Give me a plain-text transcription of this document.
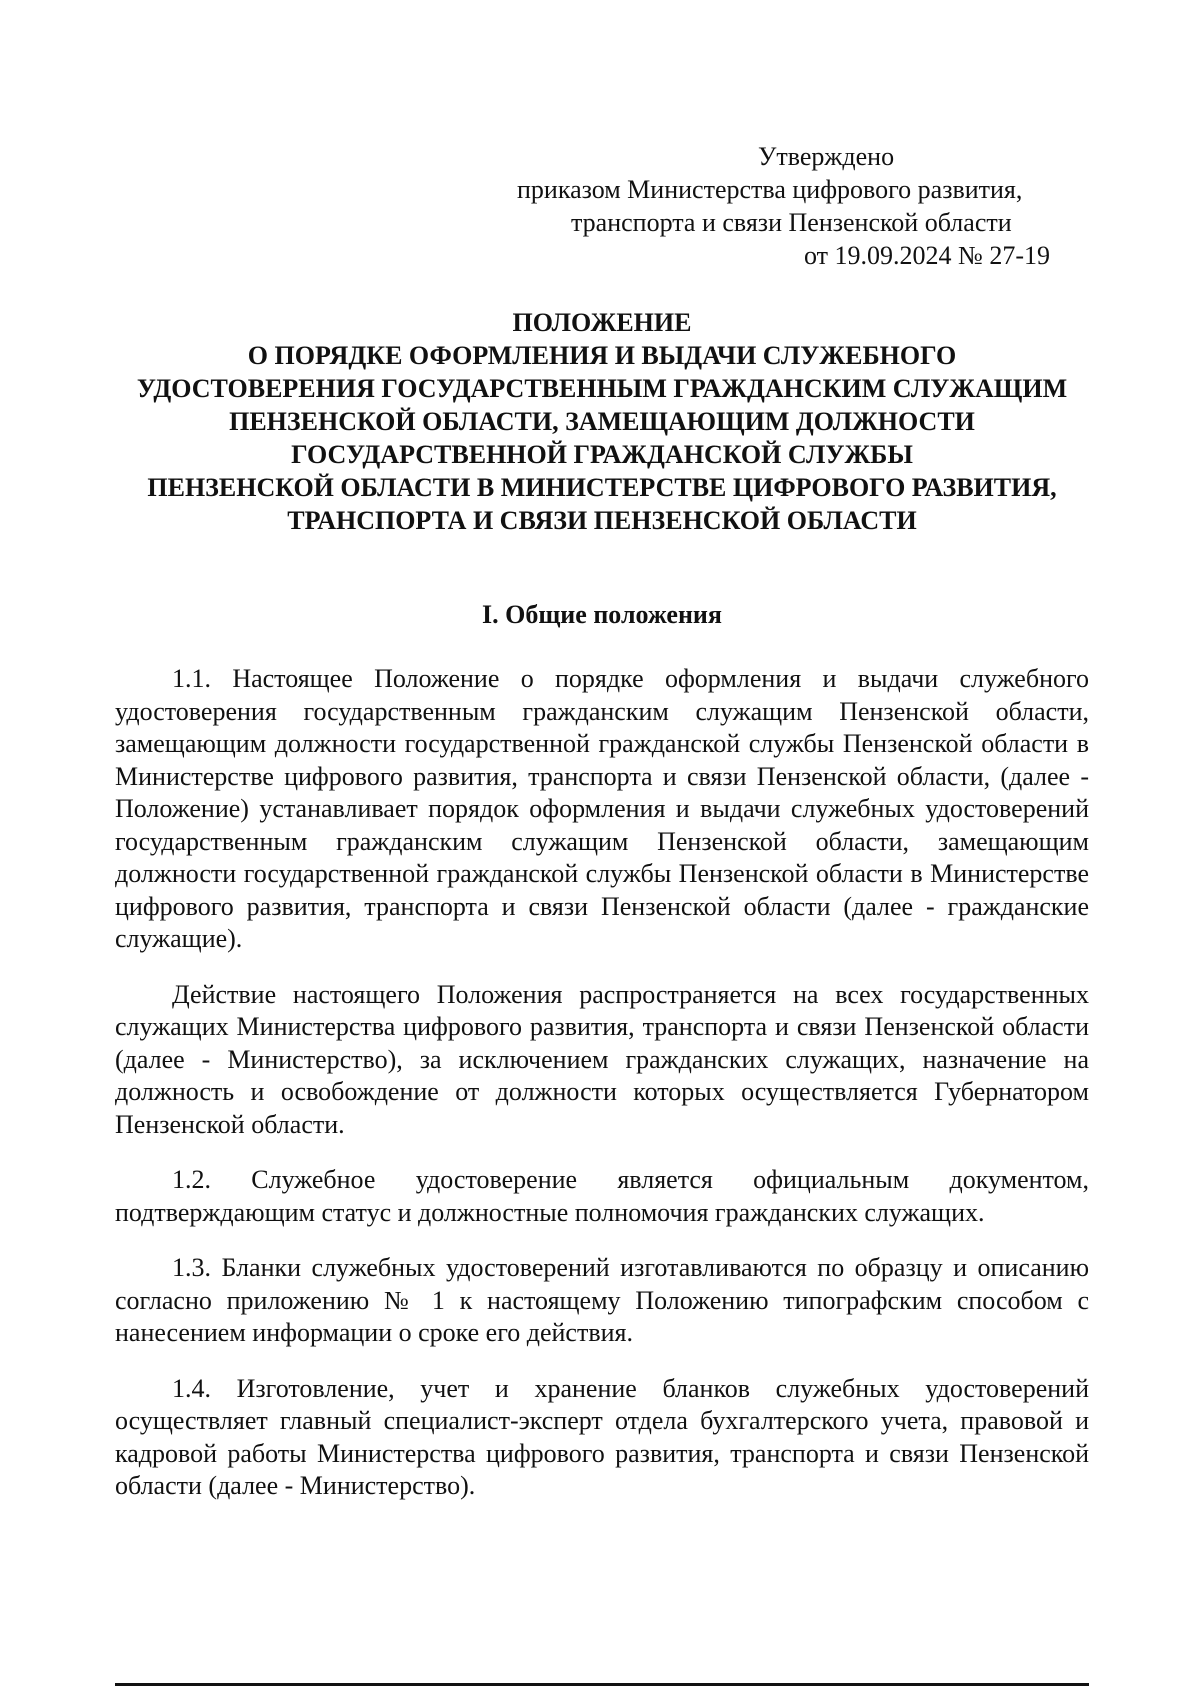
Утверждено
приказом Министерства цифрового развития,
транспорта и связи Пензенской области
от 19.09.2024 № 27-19
ПОЛОЖЕНИЕ
О ПОРЯДКЕ ОФОРМЛЕНИЯ И ВЫДАЧИ СЛУЖЕБНОГО
УДОСТОВЕРЕНИЯ ГОСУДАРСТВЕННЫМ ГРАЖДАНСКИМ СЛУЖАЩИМ
ПЕНЗЕНСКОЙ ОБЛАСТИ, ЗАМЕЩАЮЩИМ ДОЛЖНОСТИ
ГОСУДАРСТВЕННОЙ ГРАЖДАНСКОЙ СЛУЖБЫ
ПЕНЗЕНСКОЙ ОБЛАСТИ В МИНИСТЕРСТВЕ ЦИФРОВОГО РАЗВИТИЯ,
ТРАНСПОРТА И СВЯЗИ ПЕНЗЕНСКОЙ ОБЛАСТИ
I. Общие положения

1.1. Настоящее Положение о порядке оформления и выдачи служебного удостоверения государственным гражданским служащим Пензенской области, замещающим должности государственной гражданской службы Пензенской области в Министерстве цифрового развития, транспорта и связи Пензенской области, (далее - Положение) устанавливает порядок оформления и выдачи служебных удостоверений государственным гражданским служащим Пензенской области, замещающим должности государственной гражданской службы Пензенской области в Министерстве цифрового развития, транспорта и связи Пензенской области (далее - гражданские служащие).

Действие настоящего Положения распространяется на всех государственных служащих Министерства цифрового развития, транспорта и связи Пензенской области (далее - Министерство), за исключением гражданских служащих, назначение на должность и освобождение от должности которых осуществляется Губернатором Пензенской области.

1.2. Служебное удостоверение является официальным документом, подтверждающим статус и должностные полномочия гражданских служащих.

1.3. Бланки служебных удостоверений изготавливаются по образцу и описанию согласно приложению № 1 к настоящему Положению типографским способом с нанесением информации о сроке его действия.

1.4. Изготовление, учет и хранение бланков служебных удостоверений осуществляет главный специалист-эксперт отдела бухгалтерского учета, правовой и кадровой работы Министерства цифрового развития, транспорта и связи Пензенской области (далее - Министерство).
